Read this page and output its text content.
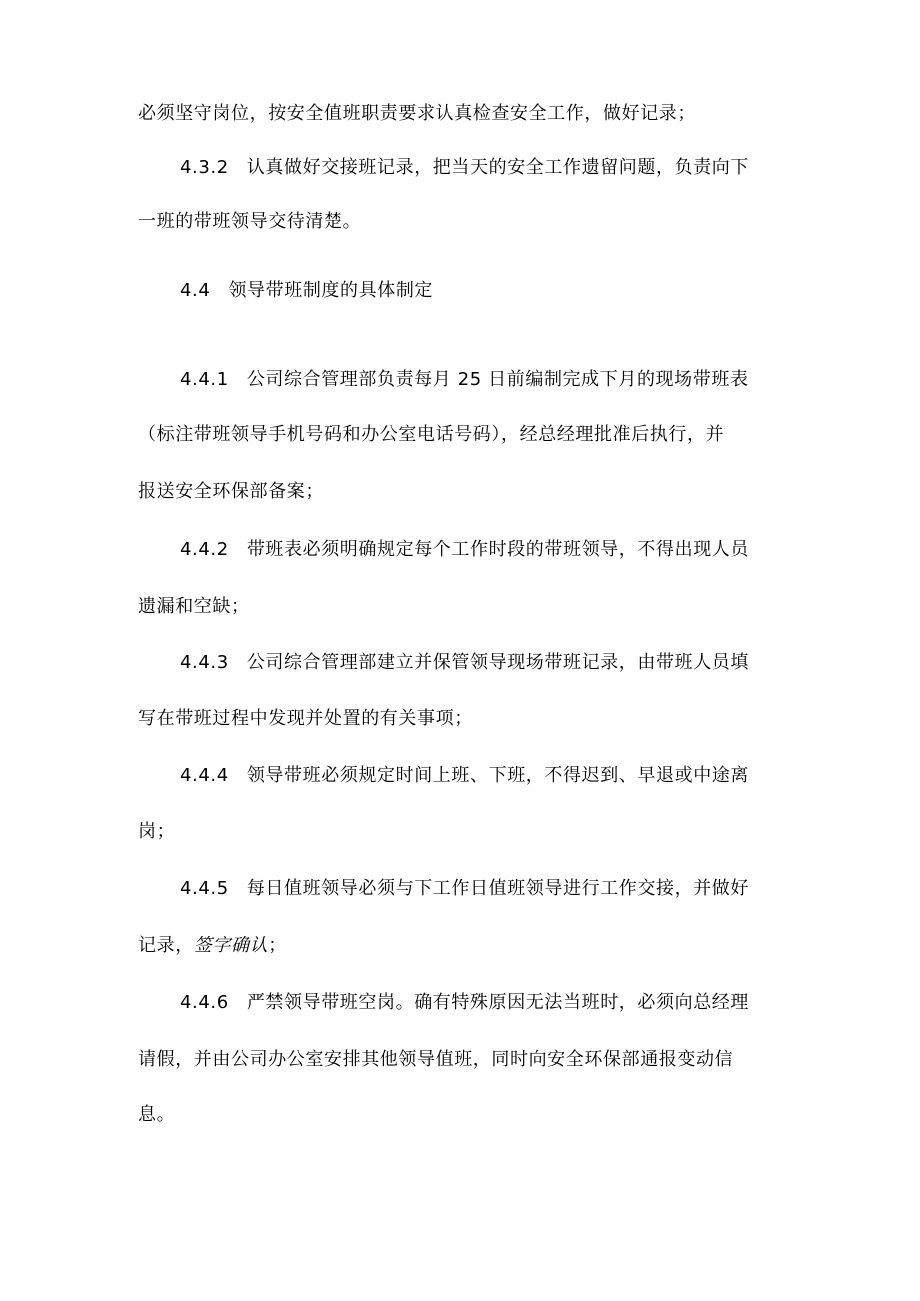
必须坚守岗位，按安全值班职责要求认真检查安全工作，做好记录；
4.3.2 认真做好交接班记录，把当天的安全工作遗留问题，负责向下
一班的带班领导交待清楚。
4.4 领导带班制度的具体制定
4.4.1 公司综合管理部负责每月 25 日前编制完成下月的现场带班表
（标注带班领导手机号码和办公室电话号码），经总经理批准后执行，并
报送安全环保部备案；
4.4.2 带班表必须明确规定每个工作时段的带班领导，不得出现人员
遗漏和空缺；
4.4.3 公司综合管理部建立并保管领导现场带班记录，由带班人员填
写在带班过程中发现并处置的有关事项；
4.4.4 领导带班必须规定时间上班、下班，不得迟到、早退或中途离
岗；
4.4.5 每日值班领导必须与下工作日值班领导进行工作交接，并做好
记录，签字确认；
4.4.6 严禁领导带班空岗。确有特殊原因无法当班时，必须向总经理
请假，并由公司办公室安排其他领导值班，同时向安全环保部通报变动信
息。
